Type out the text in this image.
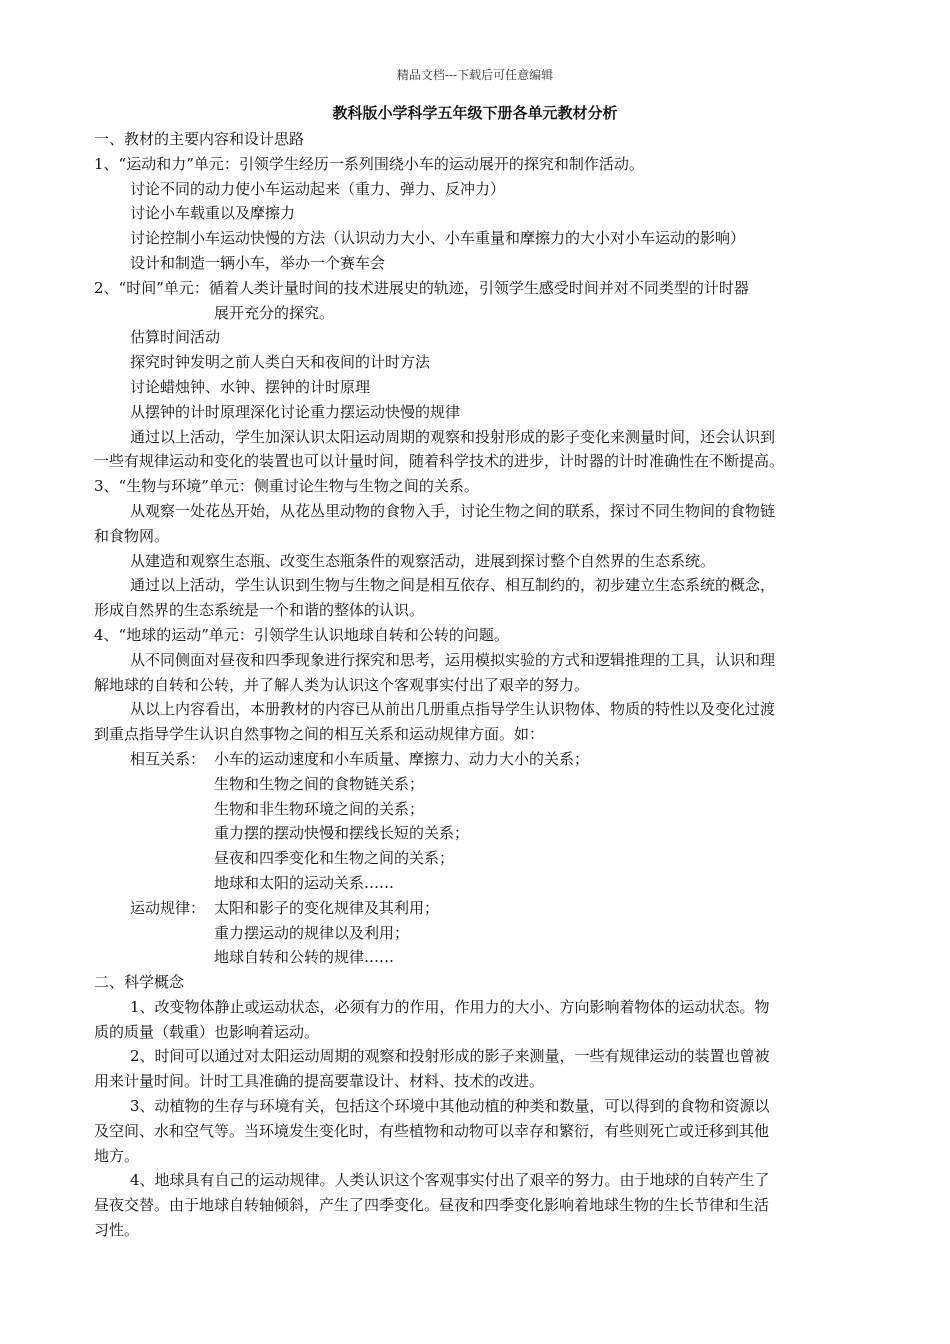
精品文档---下载后可任意编辑
教科版小学科学五年级下册各单元教材分析
一、教材的主要内容和设计思路
1、“运动和力”单元：引领学生经历一系列围绕小车的运动展开的探究和制作活动。
讨论不同的动力使小车运动起来（重力、弹力、反冲力）
讨论小车载重以及摩擦力
讨论控制小车运动快慢的方法（认识动力大小、小车重量和摩擦力的大小对小车运动的影响）
设计和制造一辆小车，举办一个赛车会
2、“时间”单元：循着人类计量时间的技术进展史的轨迹，引领学生感受时间并对不同类型的计时器
展开充分的探究。
估算时间活动
探究时钟发明之前人类白天和夜间的计时方法
讨论蜡烛钟、水钟、摆钟的计时原理
从摆钟的计时原理深化讨论重力摆运动快慢的规律
通过以上活动，学生加深认识太阳运动周期的观察和投射形成的影子变化来测量时间，还会认识到
一些有规律运动和变化的装置也可以计量时间，随着科学技术的进步，计时器的计时准确性在不断提高。
3、“生物与环境”单元：侧重讨论生物与生物之间的关系。
从观察一处花丛开始，从花丛里动物的食物入手，讨论生物之间的联系，探讨不同生物间的食物链
和食物网。
从建造和观察生态瓶、改变生态瓶条件的观察活动，进展到探讨整个自然界的生态系统。
通过以上活动，学生认识到生物与生物之间是相互依存、相互制约的，初步建立生态系统的概念，
形成自然界的生态系统是一个和谐的整体的认识。
4、“地球的运动”单元：引领学生认识地球自转和公转的问题。
从不同侧面对昼夜和四季现象进行探究和思考，运用模拟实验的方式和逻辑推理的工具，认识和理
解地球的自转和公转，并了解人类为认识这个客观事实付出了艰辛的努力。
从以上内容看出，本册教材的内容已从前出几册重点指导学生认识物体、物质的特性以及变化过渡
到重点指导学生认识自然事物之间的相互关系和运动规律方面。如：
相互关系： 小车的运动速度和小车质量、摩擦力、动力大小的关系；
生物和生物之间的食物链关系；
生物和非生物环境之间的关系；
重力摆的摆动快慢和摆线长短的关系；
昼夜和四季变化和生物之间的关系；
地球和太阳的运动关系……
运动规律： 太阳和影子的变化规律及其利用；
重力摆运动的规律以及利用；
地球自转和公转的规律……
二、科学概念
1、改变物体静止或运动状态，必须有力的作用，作用力的大小、方向影响着物体的运动状态。物
质的质量（载重）也影响着运动。
2、时间可以通过对太阳运动周期的观察和投射形成的影子来测量，一些有规律运动的装置也曾被
用来计量时间。计时工具准确的提高要靠设计、材料、技术的改进。
3、动植物的生存与环境有关，包括这个环境中其他动植的种类和数量，可以得到的食物和资源以
及空间、水和空气等。当环境发生变化时，有些植物和动物可以幸存和繁衍，有些则死亡或迁移到其他
地方。
4、地球具有自己的运动规律。人类认识这个客观事实付出了艰辛的努力。由于地球的自转产生了
昼夜交替。由于地球自转轴倾斜，产生了四季变化。昼夜和四季变化影响着地球生物的生长节律和生活
习性。
